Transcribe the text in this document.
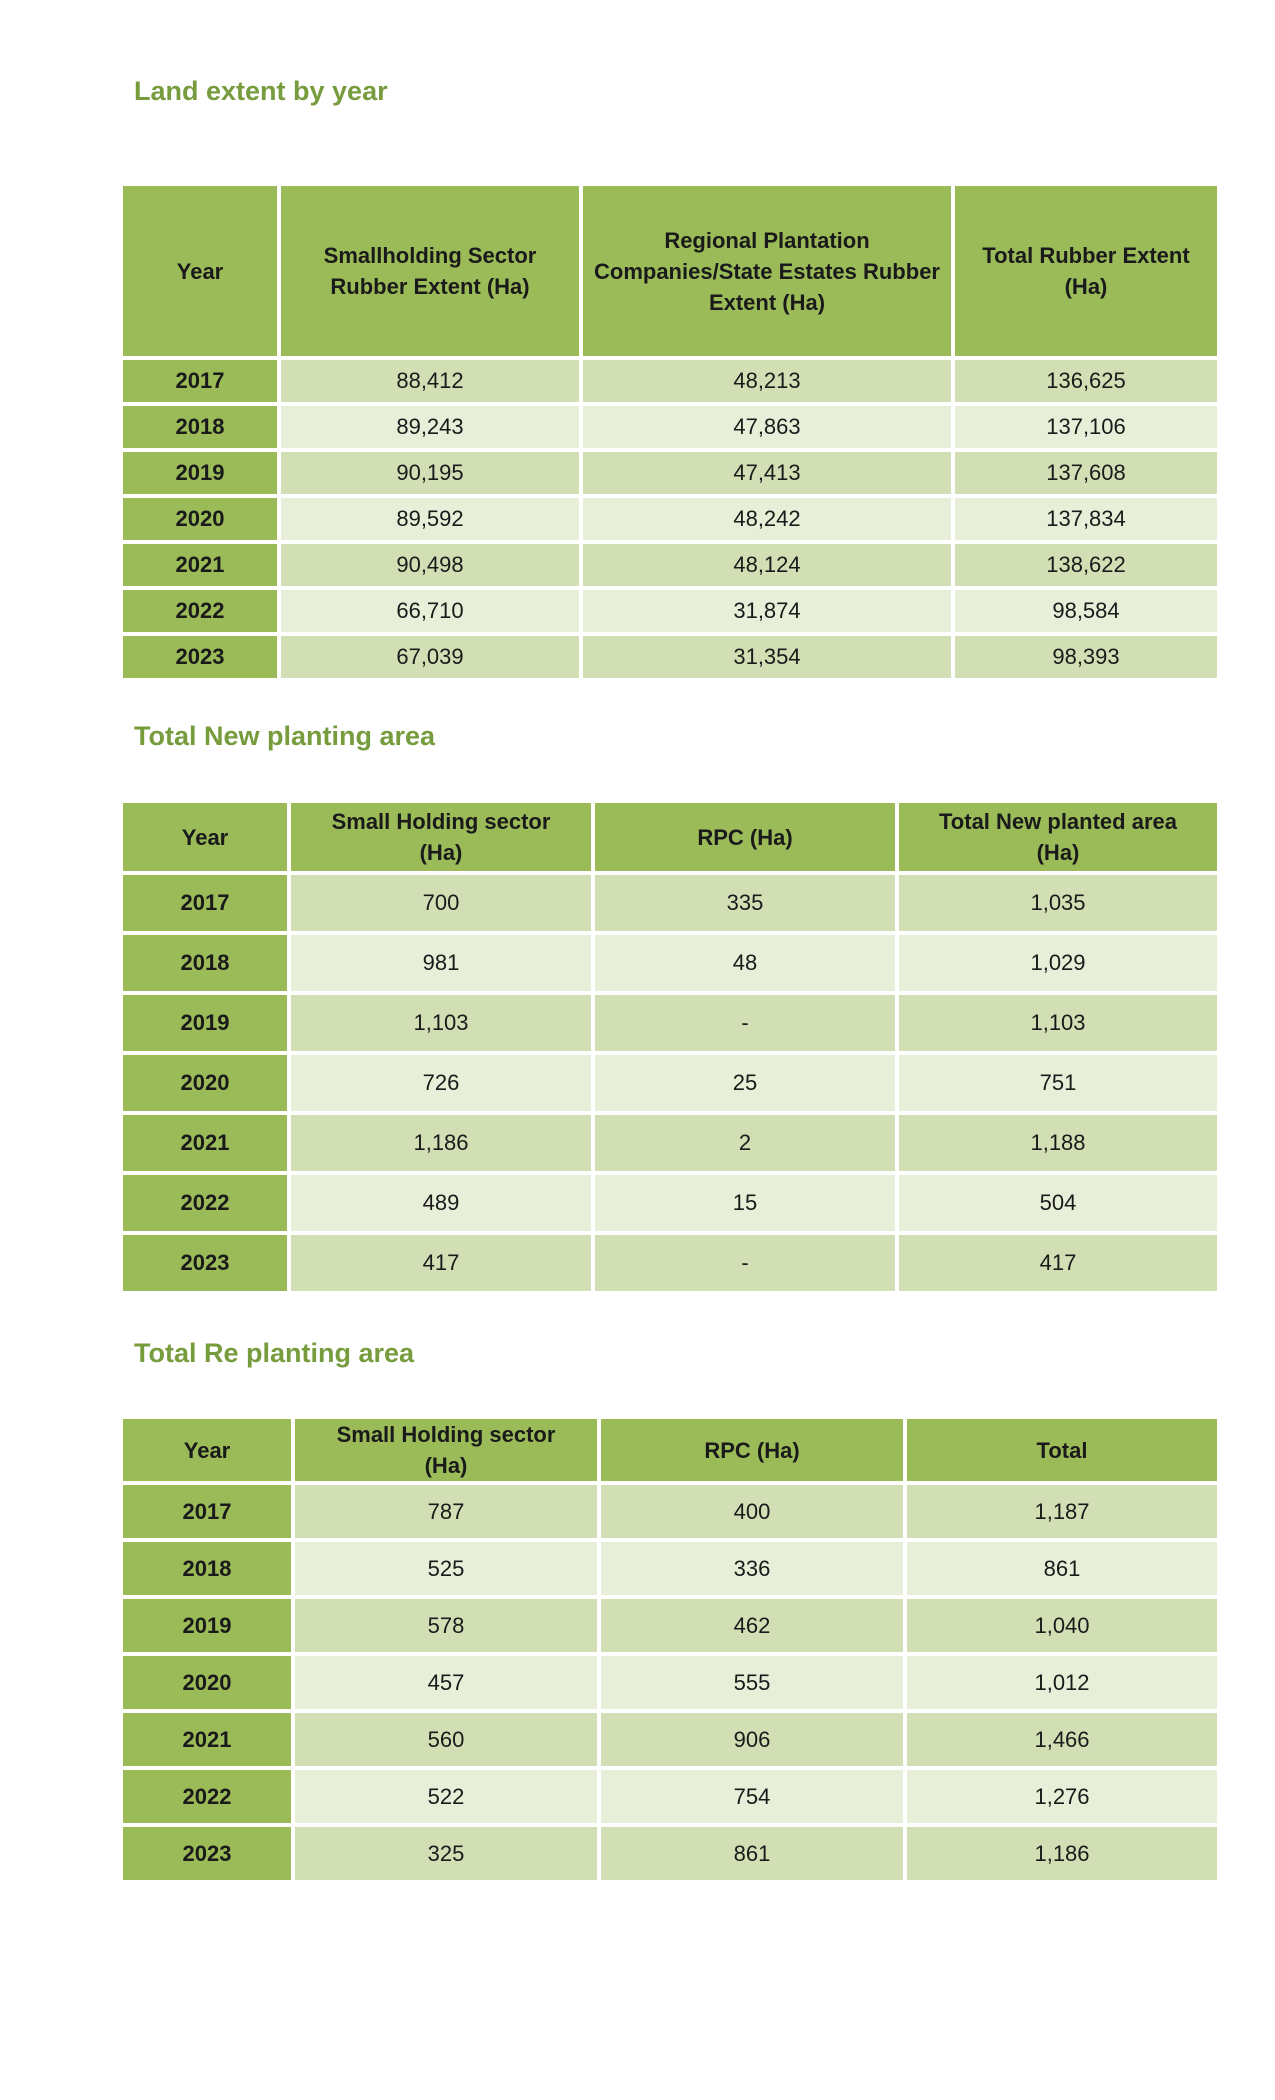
Land extent by year
Year	Smallholding Sector Rubber Extent (Ha)	Regional Plantation Companies/State Estates Rubber Extent (Ha)	Total Rubber Extent (Ha)
2017	88,412	48,213	136,625
2018	89,243	47,863	137,106
2019	90,195	47,413	137,608
2020	89,592	48,242	137,834
2021	90,498	48,124	138,622
2022	66,710	31,874	98,584
2023	67,039	31,354	98,393
Total New planting area
Year	Small Holding sector (Ha)	RPC (Ha)	Total New planted area (Ha)
2017	700	335	1,035
2018	981	48	1,029
2019	1,103	-	1,103
2020	726	25	751
2021	1,186	2	1,188
2022	489	15	504
2023	417	-	417
Total Re planting area
Year	Small Holding sector (Ha)	RPC (Ha)	Total
2017	787	400	1,187
2018	525	336	861
2019	578	462	1,040
2020	457	555	1,012
2021	560	906	1,466
2022	522	754	1,276
2023	325	861	1,186
